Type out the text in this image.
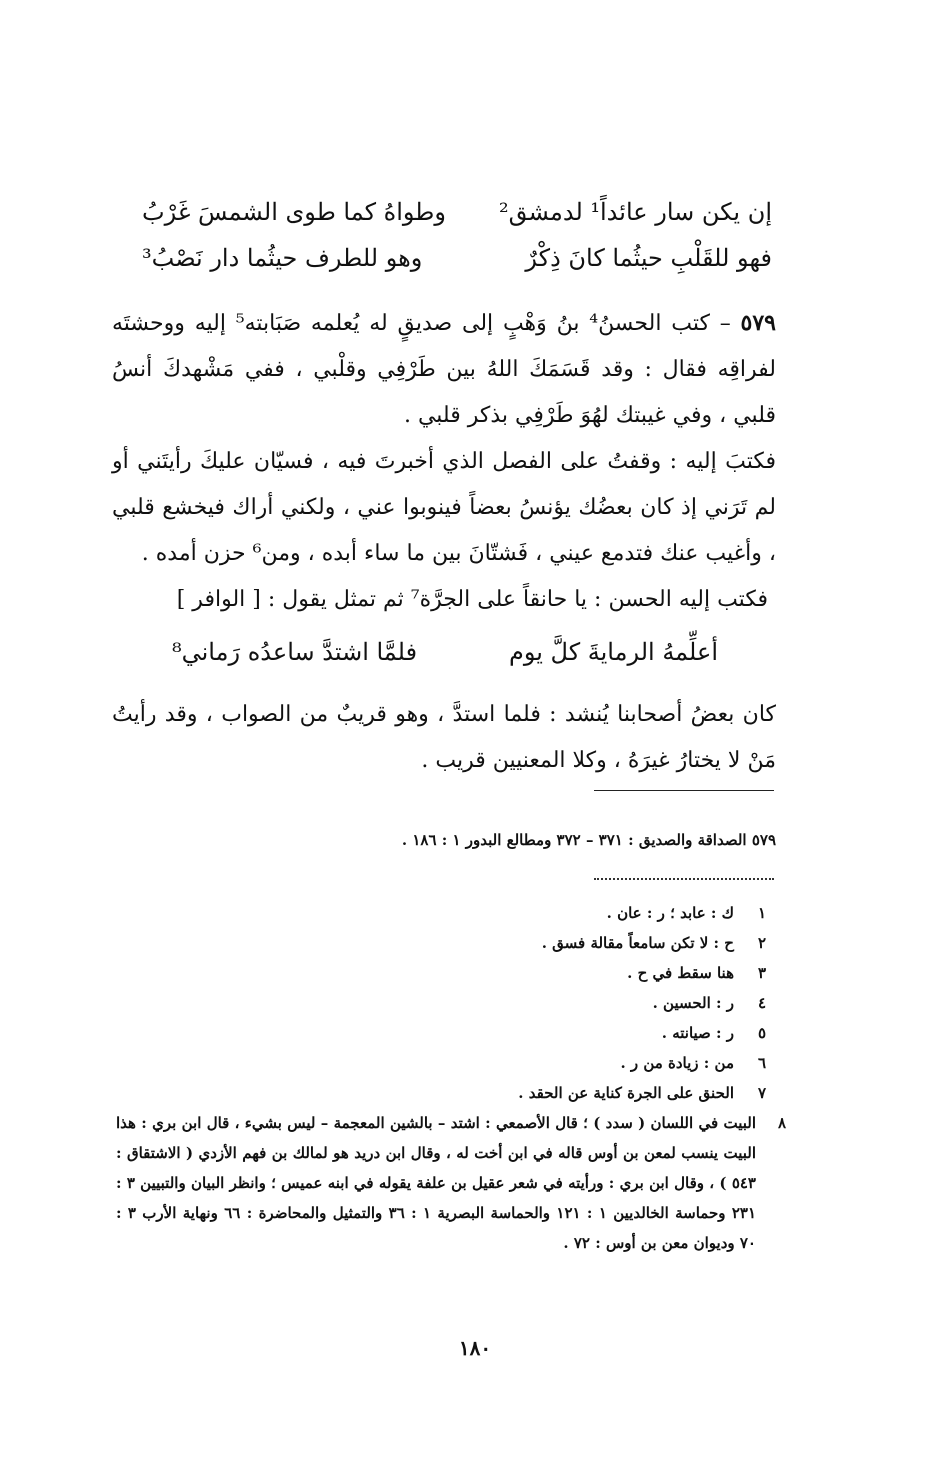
إن يكن سار عائداً¹ لدمشق²
وطواهُ كما طوى الشمسَ غَرْبُ
فهو للقَلْبِ حيثُما كانَ ذِكْرٌ
وهو للطرف حيثُما دار نَصْبُ³

٥٧٩ – كتب الحسنُ⁴ بنُ وَهْبٍ إلى صديقٍ له يُعلمه صَبَابته⁵ إليه ووحشتَه لفراقِه فقال : وقد قَسَمَكَ اللهُ بين طَرْفِي وقلْبي ، ففي مَشْهدكَ أنسُ قلبي ، وفي غيبتك لهُوَ طَرْفِي بذكر قلبي .

فكتبَ إليه : وقفتُ على الفصل الذي أخبرتَ فيه ، فسيّان عليكَ رأيتَني أو لم تَرَني إذ كان بعضُك يؤنسُ بعضاً فينوبوا عني ، ولكني أراك فيخشع قلبي ، وأغيب عنك فتدمع عيني ، فَشتّانَ بين ما ساء أبده ، ومن⁶ حزن أمده .

فكتب إليه الحسن : يا حانقاً على الجرَّة⁷ ثم تمثل يقول : [ الوافر ]

أعلِّمهُ الرمايةَ كلَّ يوم
فلمَّا اشتدَّ ساعدُه رَماني⁸

كان بعضُ أصحابنا يُنشد : فلما استدَّ ، وهو قريبٌ من الصواب ، وقد رأيتُ مَنْ لا يختارُ غيرَهُ ، وكلا المعنيين قريب .

٥٧٩ الصداقة والصديق : ٣٧١ – ٣٧٢ ومطالع البدور ١ : ١٨٦ .
١
ك : عابد ؛ ر : عان .
٢
ح : لا تكن سامعاً مقالة فسق .
٣
هنا سقط في ح .
٤
ر : الحسين .
٥
ر : صيانته .
٦
من : زيادة من ر .
٧
الحنق على الجرة كناية عن الحقد .
٨
البيت في اللسان ( سدد ) ؛ قال الأصمعي : اشتد – بالشين المعجمة – ليس بشيء ، قال ابن بري : هذا البيت ينسب لمعن بن أوس قاله في ابن أخت له ، وقال ابن دريد هو لمالك بن فهم الأزدي ( الاشتقاق : ٥٤٣ ) ، وقال ابن بري : ورأيته في شعر عقيل بن علفة يقوله في ابنه عميس ؛ وانظر البيان والتبيين ٣ : ٢٣١ وحماسة الخالديين ١ : ١٢١ والحماسة البصرية ١ : ٣٦ والتمثيل والمحاضرة : ٦٦ ونهاية الأرب ٣ : ٧٠ وديوان معن بن أوس : ٧٢ .
١٨٠
